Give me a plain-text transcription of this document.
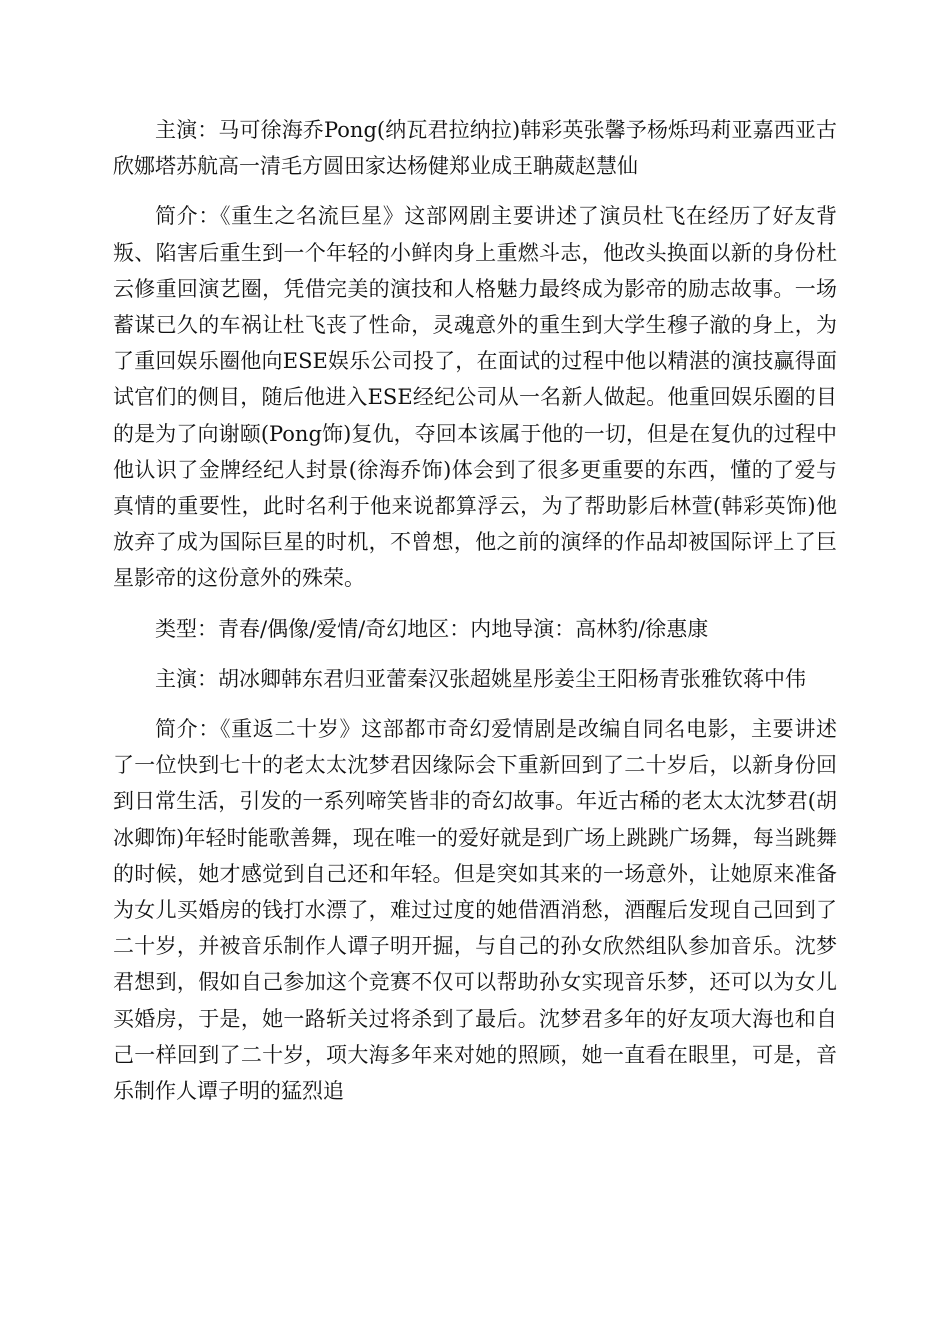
主演：马可徐海乔Pong(纳瓦君拉纳拉)韩彩英张馨予杨烁玛莉亚嘉西亚古欣娜塔苏航高一清毛方圆田家达杨健郑业成王聃葳赵慧仙

简介：《重生之名流巨星》这部网剧主要讲述了演员杜飞在经历了好友背叛、陷害后重生到一个年轻的小鲜肉身上重燃斗志，他改头换面以新的身份杜云修重回演艺圈，凭借完美的演技和人格魅力最终成为影帝的励志故事。一场蓄谋已久的车祸让杜飞丧了性命，灵魂意外的重生到大学生穆子澈的身上，为了重回娱乐圈他向ESE娱乐公司投了，在面试的过程中他以精湛的演技赢得面试官们的侧目，随后他进入ESE经纪公司从一名新人做起。他重回娱乐圈的目的是为了向谢颐(Pong饰)复仇，夺回本该属于他的一切，但是在复仇的过程中他认识了金牌经纪人封景(徐海乔饰)体会到了很多更重要的东西，懂的了爱与真情的重要性，此时名利于他来说都算浮云，为了帮助影后林萱(韩彩英饰)他放弃了成为国际巨星的时机，不曾想，他之前的演绎的作品却被国际评上了巨星影帝的这份意外的殊荣。

类型：青春/偶像/爱情/奇幻地区：内地导演：高林豹/徐惠康

主演：胡冰卿韩东君归亚蕾秦汉张超姚星彤姜尘王阳杨青张雅钦蒋中伟

简介：《重返二十岁》这部都市奇幻爱情剧是改编自同名电影，主要讲述了一位快到七十的老太太沈梦君因缘际会下重新回到了二十岁后，以新身份回到日常生活，引发的一系列啼笑皆非的奇幻故事。年近古稀的老太太沈梦君(胡冰卿饰)年轻时能歌善舞，现在唯一的爱好就是到广场上跳跳广场舞，每当跳舞的时候，她才感觉到自己还和年轻。但是突如其来的一场意外，让她原来准备为女儿买婚房的钱打水漂了，难过过度的她借酒消愁，酒醒后发现自己回到了二十岁，并被音乐制作人谭子明开掘，与自己的孙女欣然组队参加音乐。沈梦君想到，假如自己参加这个竞赛不仅可以帮助孙女实现音乐梦，还可以为女儿买婚房，于是，她一路斩关过将杀到了最后。沈梦君多年的好友项大海也和自己一样回到了二十岁，项大海多年来对她的照顾，她一直看在眼里，可是，音乐制作人谭子明的猛烈追
